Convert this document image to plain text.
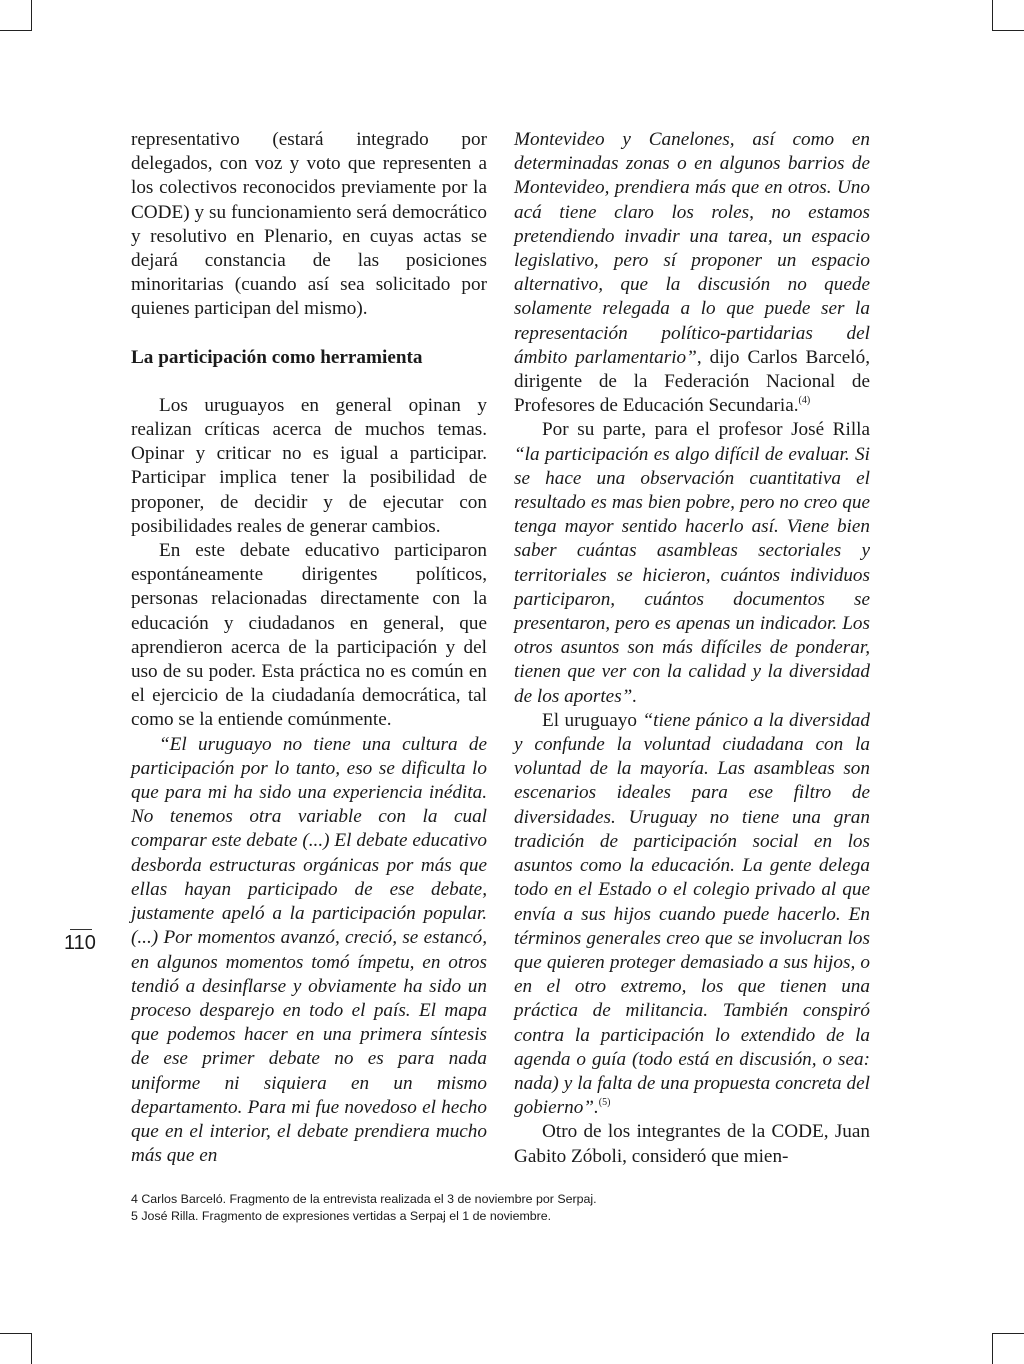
110

representativo (estará integrado por delegados, con voz y voto que representen a los colectivos reconocidos previamente por la CODE) y su funcionamiento será democrático y resolutivo en Plenario, en cuyas actas se dejará constancia de las posiciones minoritarias (cuando así sea solicitado por quienes participan del mismo).

La participación como herramienta

Los uruguayos en general opinan y realizan críticas acerca de muchos temas. Opinar y criticar no es igual a participar. Participar implica tener la posibilidad de proponer, de decidir y de ejecutar con posibilidades reales de generar cambios.

En este debate educativo participaron espontáneamente dirigentes políticos, personas relacionadas directamente con la educación y ciudadanos en general, que aprendieron acerca de la participación y del uso de su poder. Esta práctica no es común en el ejercicio de la ciudadanía democrática, tal como se la entiende comúnmente.

“El uruguayo no tiene una cultura de participación por lo tanto, eso se dificulta lo que para mi ha sido una experiencia inédita. No tenemos otra variable con la cual comparar este debate (...) El debate educativo desborda estructuras orgánicas por más que ellas hayan participado de ese debate, justamente apeló a la participación popular.(...) Por momentos avanzó, creció, se estancó, en algunos momentos tomó ímpetu, en otros tendió a desinflarse y obviamente ha sido un proceso desparejo en todo el país. El mapa que podemos hacer en una primera síntesis de ese primer debate no es para nada uniforme ni siquiera en un mismo departamento. Para mi fue novedoso el hecho que en el interior, el debate prendiera mucho más que en

Montevideo y Canelones, así como en determinadas zonas o en algunos barrios de Montevideo, prendiera más que en otros. Uno acá tiene claro los roles, no estamos pretendiendo invadir una tarea, un espacio legislativo, pero sí proponer un espacio alternativo, que la discusión no quede solamente relegada a lo que puede ser la representación político-partidarias del ámbito parlamentario”, dijo Carlos Barceló, dirigente de la Federación Nacional de Profesores de Educación Secundaria.$^{(4)}$

Por su parte, para el profesor José Rilla “la participación es algo difícil de evaluar. Si se hace una observación cuantitativa el resultado es mas bien pobre, pero no creo que tenga mayor sentido hacerlo así. Viene bien saber cuántas asambleas sectoriales y territoriales se hicieron, cuántos individuos participaron, cuántos documentos se presentaron, pero es apenas un indicador. Los otros asuntos son más difíciles de ponderar, tienen que ver con la calidad y la diversidad de los aportes”.

El uruguayo “tiene pánico a la diversidad y confunde la voluntad ciudadana con la voluntad de la mayoría. Las asambleas son escenarios ideales para ese filtro de diversidades. Uruguay no tiene una gran tradición de participación social en los asuntos como la educación. La gente delega todo en el Estado o el colegio privado al que envía a sus hijos cuando puede hacerlo. En términos generales creo que se involucran los que quieren proteger demasiado a sus hijos, o en el otro extremo, los que tienen una práctica de militancia. También conspiró contra la participación lo extendido de la agenda o guía (todo está en discusión, o sea: nada) y la falta de una propuesta concreta del gobierno”.$^{(5)}$

Otro de los integrantes de la CODE, Juan Gabito Zóboli, consideró que mien-

4 Carlos Barceló. Fragmento de la entrevista realizada el 3 de noviembre por Serpaj.
5 José Rilla. Fragmento de expresiones vertidas a Serpaj el 1 de noviembre.
